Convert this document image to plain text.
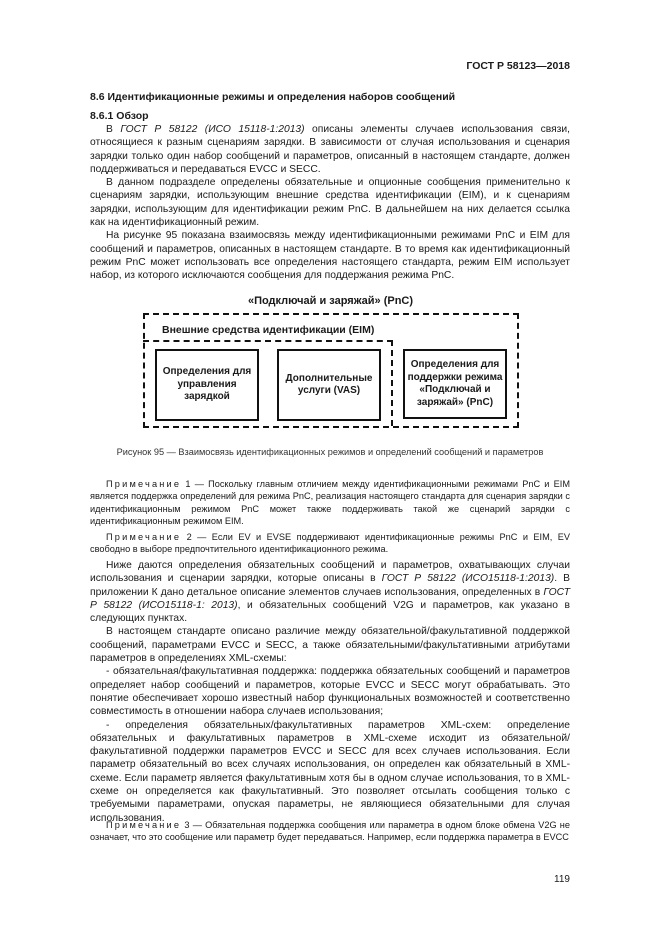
ГОСТ Р 58123—2018
8.6 Идентификационные режимы и определения наборов сообщений
8.6.1 Обзор

В ГОСТ Р 58122 (ИСО 15118-1:2013) описаны элементы случаев использования связи, относящиеся к разным сценариям зарядки. В зависимости от случая использования и сценария зарядки только один набор сообщений и параметров, описанный в настоящем стандарте, должен поддерживаться и передаваться EVCC и SECC.

В данном подразделе определены обязательные и опционные сообщения применительно к сценариям зарядки, использующим внешние средства идентификации (EIM), и к сценариям зарядки, использующим для идентификации режим PnC. В дальнейшем на них делается ссылка как на идентификационный режим.

На рисунке 95 показана взаимосвязь между идентификационными режимами PnC и EIM для сообщений и параметров, описанных в настоящем стандарте. В то время как идентификационный режим PnC может использовать все определения настоящего стандарта, режим EIM использует набор, из которого исключаются сообщения для поддержания режима PnC.

«Подключай и заряжай» (PnC)
Внешние средства идентификации (EIM)
Определения для управления зарядкой
Дополнительные услуги (VAS)
Определения для поддержки режима «Подключай и заряжай» (PnC)
Рисунок 95 — Взаимосвязь идентификационных режимов и определений сообщений и параметров

Примечание 1 — Поскольку главным отличием между идентификационными режимами PnC и EIM является поддержка определений для режима PnC, реализация настоящего стандарта для сценария зарядки с идентификационным режимом PnC может также поддерживать такой же сценарий зарядки с идентификационным режимом EIM.

Примечание 2 — Если EV и EVSE поддерживают идентификационные режимы PnC и EIM, EV свободно в выборе предпочтительного идентификационного режима.

Ниже даются определения обязательных сообщений и параметров, охватывающих случаи использования и сценарии зарядки, которые описаны в ГОСТ Р 58122 (ИСО15118-1:2013). В приложении К дано детальное описание элементов случаев использования, определенных в ГОСТ Р 58122 (ИСО15118-1: 2013), и обязательных сообщений V2G и параметров, как указано в следующих пунктах.

В настоящем стандарте описано различие между обязательной/факультативной поддержкой сообщений, параметрами EVCC и SECC, а также обязательными/факультативными атрибутами параметров в определениях XML-схемы:

- обязательная/факультативная поддержка: поддержка обязательных сообщений и параметров определяет набор сообщений и параметров, которые EVCC и SECC могут обрабатывать. Это понятие обеспечивает хорошо известный набор функциональных возможностей и соответственно совместимость в отношении набора случаев использования;

- определения обязательных/факультативных параметров XML-схем: определение обязательных и факультативных параметров в XML-схеме исходит из обязательной/факультативной поддержки параметров EVCC и SECC для всех случаев использования. Если параметр обязательный во всех случаях использования, он определен как обязательный в XML-схеме. Если параметр является факультативным хотя бы в одном случае использования, то в XML-схеме он определяется как факультативный. Это позволяет отсылать сообщения только с требуемыми параметрами, опуская параметры, не являющиеся обязательными для случая использования.

Примечание 3 — Обязательная поддержка сообщения или параметра в одном блоке обмена V2G не означает, что это сообщение или параметр будет передаваться. Например, если поддержка параметра в EVCC

119
